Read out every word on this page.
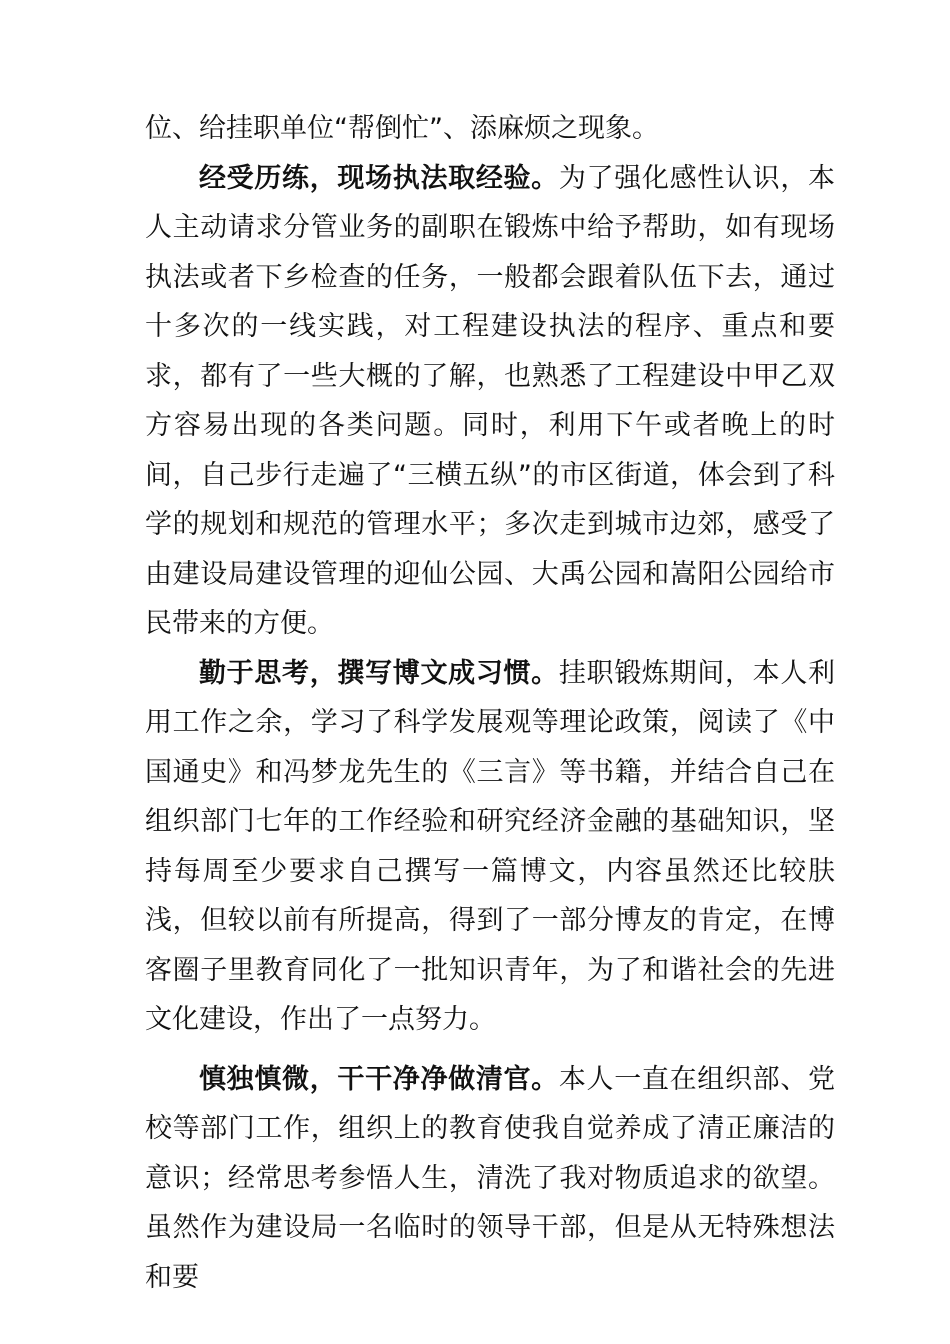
位、给挂职单位“帮倒忙”、添麻烦之现象。

经受历练，现场执法取经验。为了强化感性认识，本人主动请求分管业务的副职在锻炼中给予帮助，如有现场执法或者下乡检查的任务，一般都会跟着队伍下去，通过十多次的一线实践，对工程建设执法的程序、重点和要求，都有了一些大概的了解，也熟悉了工程建设中甲乙双方容易出现的各类问题。同时，利用下午或者晚上的时间，自己步行走遍了“三横五纵”的市区街道，体会到了科学的规划和规范的管理水平；多次走到城市边郊，感受了由建设局建设管理的迎仙公园、大禹公园和嵩阳公园给市民带来的方便。

勤于思考，撰写博文成习惯。挂职锻炼期间，本人利用工作之余，学习了科学发展观等理论政策，阅读了《中国通史》和冯梦龙先生的《三言》等书籍，并结合自己在组织部门七年的工作经验和研究经济金融的基础知识，坚持每周至少要求自己撰写一篇博文，内容虽然还比较肤浅，但较以前有所提高，得到了一部分博友的肯定，在博客圈子里教育同化了一批知识青年，为了和谐社会的先进文化建设，作出了一点努力。

慎独慎微，干干净净做清官。本人一直在组织部、党校等部门工作，组织上的教育使我自觉养成了清正廉洁的意识；经常思考参悟人生，清洗了我对物质追求的欲望。虽然作为建设局一名临时的领导干部，但是从无特殊想法和要
